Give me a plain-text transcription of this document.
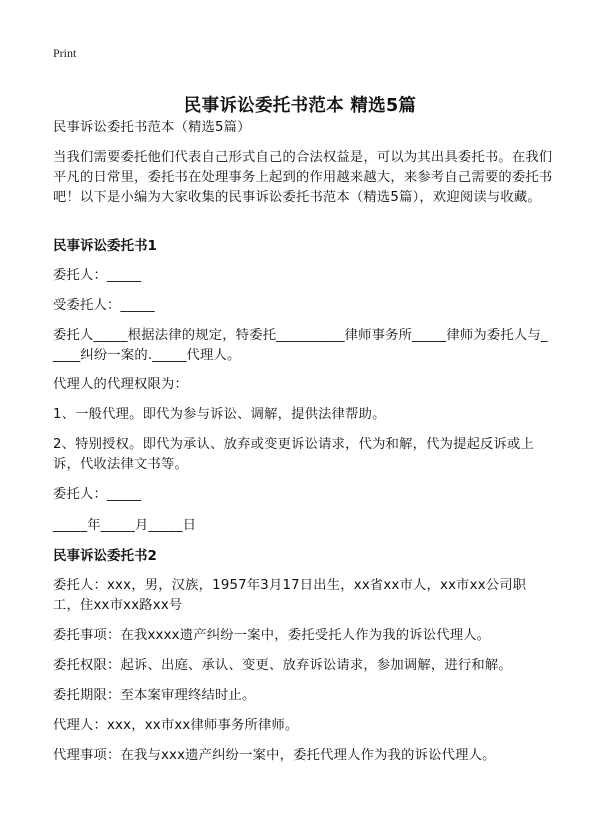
Print
民事诉讼委托书范本 精选5篇

民事诉讼委托书范本（精选5篇）

当我们需要委托他们代表自己形式自己的合法权益是，可以为其出具委托书。在我们平凡的日常里，委托书在处理事务上起到的作用越来越大，来参考自己需要的委托书吧！以下是小编为大家收集的民事诉讼委托书范本（精选5篇），欢迎阅读与收藏。

民事诉讼委托书1

委托人：_____

受委托人：_____

委托人_____根据法律的规定，特委托__________律师事务所_____律师为委托人与_____纠纷一案的._____代理人。

代理人的代理权限为：

1、一般代理。即代为参与诉讼、调解，提供法律帮助。

2、特别授权。即代为承认、放弃或变更诉讼请求，代为和解，代为提起反诉或上诉，代收法律文书等。

委托人：_____

_____年_____月_____日

民事诉讼委托书2

委托人：xxx，男，汉族，1957年3月17日出生，xx省xx市人，xx市xx公司职工，住xx市xx路xx号

委托事项：在我xxxx遗产纠纷一案中，委托受托人作为我的诉讼代理人。

委托权限：起诉、出庭、承认、变更、放弃诉讼请求，参加调解，进行和解。

委托期限：至本案审理终结时止。

代理人：xxx，xx市xx律师事务所律师。

代理事项：在我与xxx遗产纠纷一案中，委托代理人作为我的诉讼代理人。
